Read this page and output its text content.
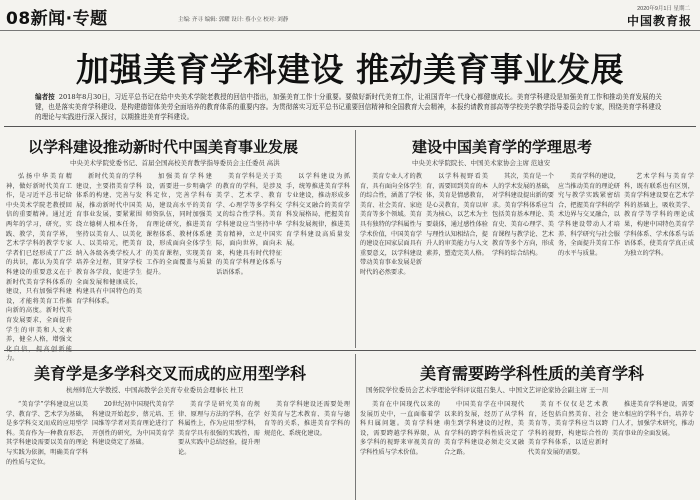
08新闻·专题	主编: 齐寻 编辑: 郭耀 设计: 蔡小立 校对: 刘静
2020年9月1日 星期二
中国教育报
加强美育学科建设 推动美育事业发展
编者按 2018年8月30日，习近平总书记在给中央美术学院老教授的回信中指出，加强美育工作十分重要。要做好新时代美育工作，让祖国青年一代身心都健康成长。美育学科建设是加强美育工作和推动美育发展的关键，也是落实美育学科建设、是构建德智体美劳全面培养的教育体系的重要内容。为贯彻落实习近平总书记重要回信精神和全国教育大会精神，本报约请教育部高等学校美学教学指导委员会的专家，围绕美育学科建设的理论与实践进行深入探讨，以期推进美育学科建设。
以学科建设推动新时代中国美育事业发展
中央美术学院党委书记、首届全国高校美育教学指导委员会主任委员 高洪

弘扬中华美育精神，做好新时代美育工作，是习近平总书记给中央美术学院老教授回信的重要精神。通过近两年的学习，研究，实践、教学，美育学界，艺术学学科的教学专家学者们已经形成了广泛的共识，都认为美育学科建设的重要意义在于新时代美育学科体系的建设，只有加强学科建设，才能将美育工作推向新的高度。新时代美育发展要求，全面提升学生的审美和人文素养，健全人格，增强文 力。

新时代美育的学科建设，主要指美育学科体系的构建、完善与发展，推动新时代中国美育事业发展，要紧紧围绕立德树人根本任务，坚持以美育人、以美化人、以美培元，把美育纳入各级各类学校人才培养全过程，贯穿学校教育各学段，促进学生全面发展和健康成长，构建具有中国特色的美育学科体系。

加强美育学科建设，需要进一步明确学科定位，完善学科布局，建设高水平的美育师资队伍，同时加强美育理论研究，推进美育课程体系、教材体系建设，形成面向全体学生的美育课程，实现美育工作的全面覆盖与质量提升。

美育学科是关于美的教育的学科，是涉及美学、艺术学、教育学、心理学等多学科交叉的综合性学科。美育学科建设应当坚持中华美育精神，立足中国实际，面向世界，面向未来，构建具有时代特征的美育学科理论体系与话语体系。

以学科建设为抓手，统筹推进美育学科专业建设，推动形成多学科交叉融合的美育学科发展格局，把握美育学科发展规律，推进美育学科建设高质量发展。

建设中国美育学的学理思考
中央美术学院院长、中国美术家协会主席 范迪安

美育专业人才的教育，具有面向全体学生的综合性，涵盖了学校美育、社会美育、家庭美育等多个领域。美育具有独特的学科属性与学术价值，中国美育学的建设在国家层面具有重要意义，以学科建设带动美育事业发展是新时代的必然要求。

以学科视野看美育，需要回到美育的本体，美育是情感教育，是心灵教育，美育以审美为核心，以艺术为主要载体，通过感性体验与理性认知相结合，提升人的审美能力与人文素养，塑造完美人格。

其次，美育是一个人的学术发展的基础，对学科建设提出新的要求。美育学科体系应当包括美育基本理论、美育史、美育心理学、美育课程与教学论、艺术教育等多个方向，形成学科的综合结构。

美育学科的建设，应当推动美育的理论研究与教学实践紧密结合，把握美育学科的学术边界与交叉融合，以学科建设带动人才培养、科学研究与社会服务，全面提升美育工作的水平与质量。

艺术学科与美育学科，既有联系也有区别，美育学科建设要在艺术学科的基础上，吸收美学、教育学等学科的理论成果，构建中国特色美育学学科体系、学术体系与话语体系，使美育学真正成为独立的学科。

美育学是多学科交叉而成的应用型学科
杭州师范大学教授、中国高教学会美育专业委员会理事长 杜卫

“美育学”学科建设应以美学、教育学、艺术学为基础，是多学科交叉而成的应用型学科。美育作为一种教育形态，其学科建设需要以美育的理论与实践为依据，明确美育学科的性质与定位。

20世纪初中国现代美育学科建设开始起步，蔡元培、王国维等学者对美育理论进行了开创性的研究，为中国美育学科建设奠定了基础。

美育学是研究美育的规律、原理与方法的学科，在学科属性上，作为应用型学科，美育学具有很强的实践性，需要从实践中总结经验，提升理论。

美育学科建设还需要处理好美育与艺术教育、美育与德育等的关系，推进美育学科的规范化、系统化建设。

美育需要跨学科性质的美育学科
国务院学位委员会艺术学理论学科评议组召集人、中国文艺评论家协会副主席 王一川

美育在中国现代以来的发展历史中，一直面临着学科归属问题。美育学科建设，需要跨越学科界限，从多学科的视野来审视美育的学科性质与学术价值。

中国美育学在中国现代以来的发展，经历了从学科萌生到学科建设的过程，美育学科的跨学科性质决定了美育学科建设必须走交叉融合之路。

美育不仅仅是艺术教育，还包括自然美育、社会美育等，美育学科应当以跨学科的视野，构建综合性的美育学科体系，以适应新时代美育发展的需要。

推进美育学科建设，需要建立相应的学科平台，培养专门人才，加强学术研究，推动美育事业的全面发展。
